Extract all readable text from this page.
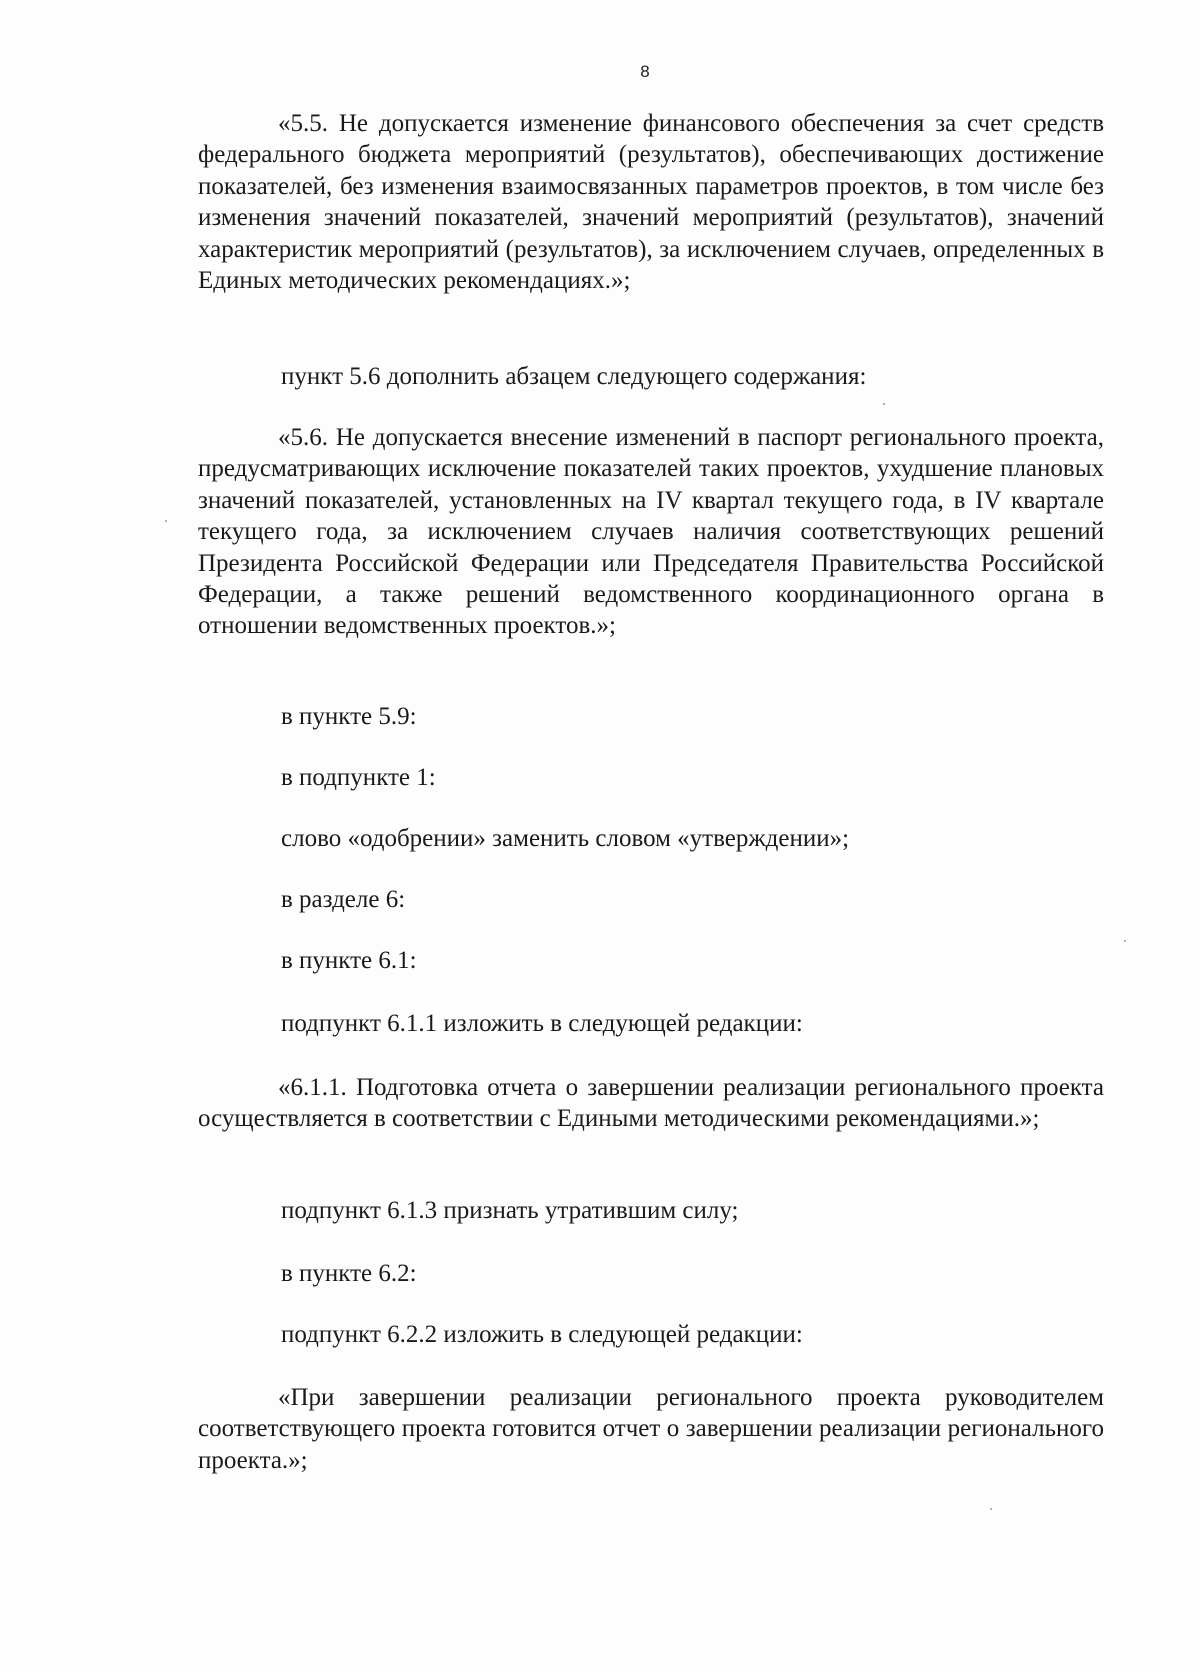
8

«5.5. Не допускается изменение финансового обеспечения за счет средств федерального бюджета мероприятий (результатов), обеспечивающих достижение показателей, без изменения взаимосвязанных параметров проектов, в том числе без изменения значений показателей, значений мероприятий (результатов), значений характеристик мероприятий (результатов), за исключением случаев, определенных в Единых методических рекомендациях.»;

пункт 5.6 дополнить абзацем следующего содержания:

«5.6. Не допускается внесение изменений в паспорт регионального проекта, предусматривающих исключение показателей таких проектов, ухудшение плановых значений показателей, установленных на IV квартал текущего года, в IV квартале текущего года, за исключением случаев наличия соответствующих решений Президента Российской Федерации или Председателя Правительства Российской Федерации, а также решений ведомственного координационного органа в отношении ведомственных проектов.»;

в пункте 5.9:

в подпункте 1:

слово «одобрении» заменить словом «утверждении»;

в разделе 6:

в пункте 6.1:

подпункт 6.1.1 изложить в следующей редакции:

«6.1.1. Подготовка отчета о завершении реализации регионального проекта осуществляется в соответствии с Едиными методическими рекомендациями.»;

подпункт 6.1.3 признать утратившим силу;

в пункте 6.2:

подпункт 6.2.2 изложить в следующей редакции:

«При завершении реализации регионального проекта руководителем соответствующего проекта готовится отчет о завершении реализации регионального проекта.»;
